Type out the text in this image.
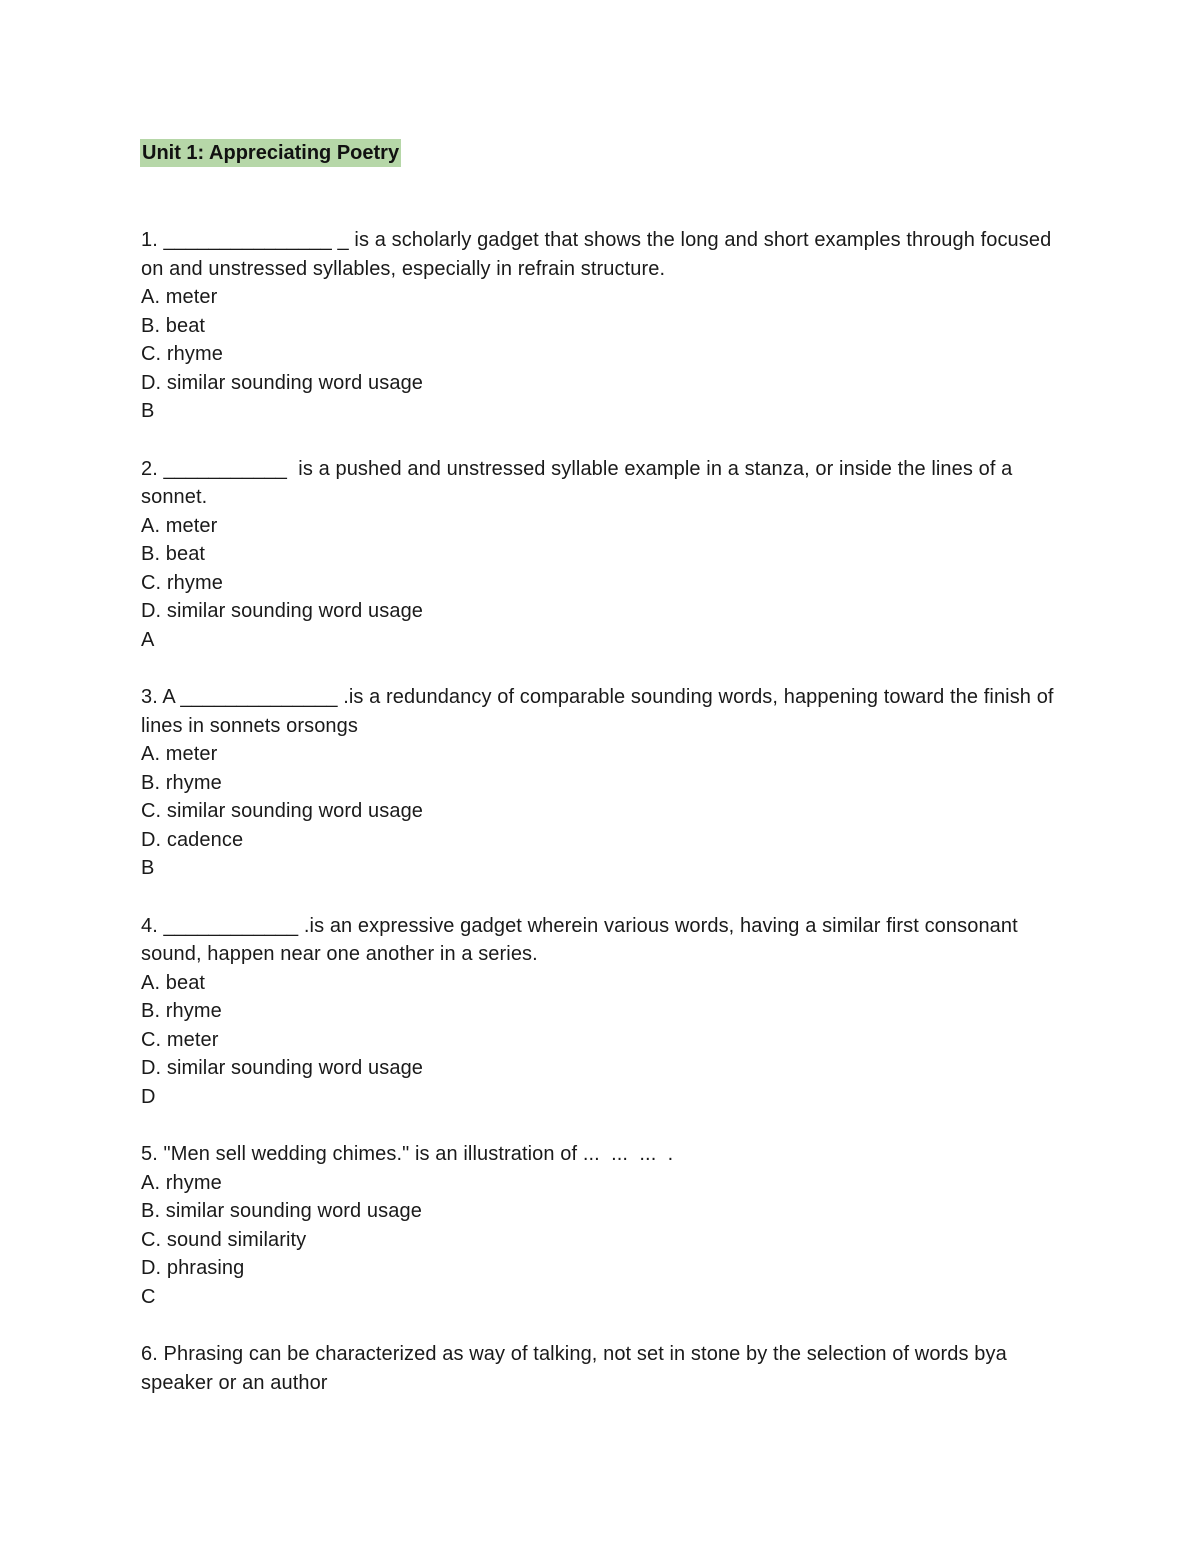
Unit 1: Appreciating Poetry

1. _______________ _ is a scholarly gadget that shows the long and short examples through focused on and unstressed syllables, especially in refrain structure.

A. meter

B. beat

C. rhyme

D. similar sounding word usage

B

2. ___________  is a pushed and unstressed syllable example in a stanza, or inside the lines of a sonnet.

A. meter

B. beat

C. rhyme

D. similar sounding word usage

A

3. A ______________ .is a redundancy of comparable sounding words, happening toward the finish of lines in sonnets orsongs

A. meter

B. rhyme

C. similar sounding word usage

D. cadence

B

4. ____________ .is an expressive gadget wherein various words, having a similar first consonant sound, happen near one another in a series.

A. beat

B. rhyme

C. meter

D. similar sounding word usage

D

5. "Men sell wedding chimes." is an illustration of ...  ...  ...  .

A. rhyme

B. similar sounding word usage

C. sound similarity

D. phrasing

C

6. Phrasing can be characterized as way of talking, not set in stone by the selection of words bya speaker or an author
